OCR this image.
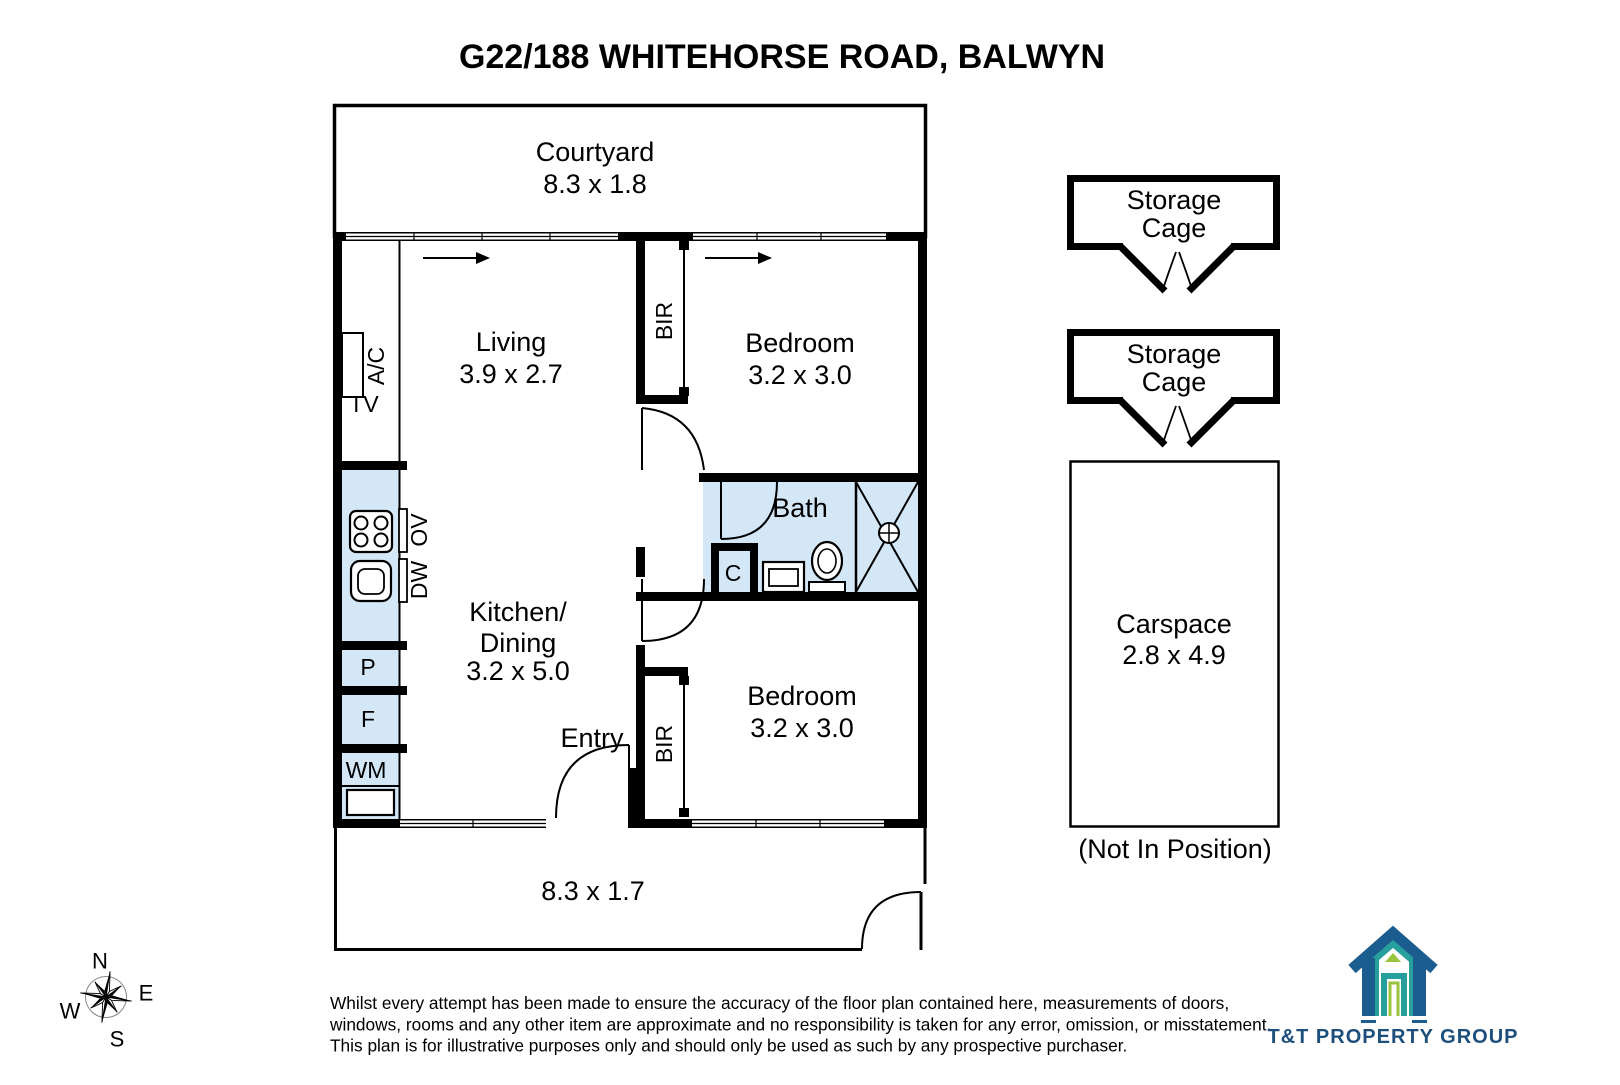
G22/188 WHITEHORSE ROAD, BALWYN
Courtyard
8.3 x 1.8
Living
3.9 x 2.7
Bedroom
3.2 x 3.0
Bath
Kitchen/
Dining
3.2 x 5.0
Entry
Bedroom
3.2 x 3.0
8.3 x 1.7
A/C
TV
OV
DW
P
F
WM
BIR
BIR
C
Storage
Cage
Storage
Cage
Carspace
2.8 x 4.9
(Not In Position)
N
E
W
S
Whilst every attempt has been made to ensure the accuracy of the floor plan contained here, measurements of doors,
windows, rooms and any other item are approximate and no responsibility is taken for any error, omission, or misstatement.
This plan is for illustrative purposes only and should only be used as such by any prospective purchaser.	T&T PROPERTY GROUP
